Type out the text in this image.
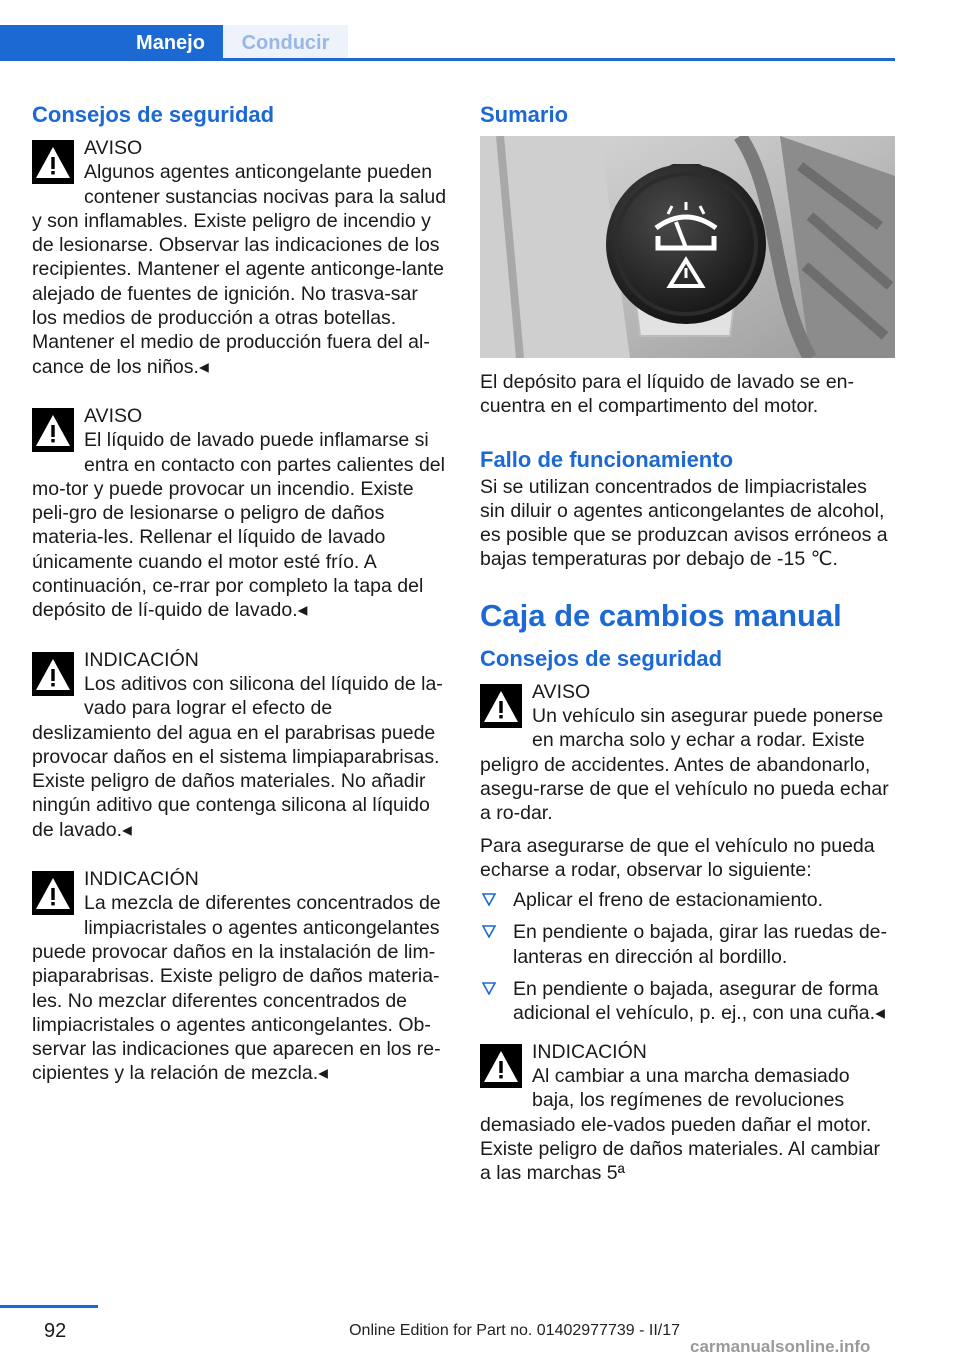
Manejo	Conducir
Consejos de seguridad
AVISO
Algunos agentes anticongelante pueden contener sustancias nocivas para la salud y son inflamables. Existe peligro de incendio y de lesionarse. Observar las indicaciones de los recipientes. Mantener el agente anticonge-lante alejado de fuentes de ignición. No trasva-sar los medios de producción a otras botellas. Mantener el medio de producción fuera del al-cance de los niños.◂
AVISO
El líquido de lavado puede inflamarse si entra en contacto con partes calientes del mo-tor y puede provocar un incendio. Existe peli-gro de lesionarse o peligro de daños materia-les. Rellenar el líquido de lavado únicamente cuando el motor esté frío. A continuación, ce-rrar por completo la tapa del depósito de lí-quido de lavado.◂
INDICACIÓN
Los aditivos con silicona del líquido de la-vado para lograr el efecto de deslizamiento del agua en el parabrisas puede provocar daños en el sistema limpiaparabrisas. Existe peligro de daños materiales. No añadir ningún aditivo que contenga silicona al líquido de lavado.◂
INDICACIÓN
La mezcla de diferentes concentrados de limpiacristales o agentes anticongelantes puede provocar daños en la instalación de lim-piaparabrisas. Existe peligro de daños materia-les. No mezclar diferentes concentrados de limpiacristales o agentes anticongelantes. Ob-servar las indicaciones que aparecen en los re-cipientes y la relación de mezcla.◂
Sumario

El depósito para el líquido de lavado se en-cuentra en el compartimento del motor.

Fallo de funcionamiento

Si se utilizan concentrados de limpiacristales sin diluir o agentes anticongelantes de alcohol, es posible que se produzcan avisos erróneos a bajas temperaturas por debajo de -15 ℃.

Caja de cambios manual
Consejos de seguridad
AVISO
Un vehículo sin asegurar puede ponerse en marcha solo y echar a rodar. Existe peligro de accidentes. Antes de abandonarlo, asegu-rarse de que el vehículo no pueda echar a ro-dar.

Para asegurarse de que el vehículo no pueda echarse a rodar, observar lo siguiente:

Aplicar el freno de estacionamiento.
En pendiente o bajada, girar las ruedas de-lanteras en dirección al bordillo.
En pendiente o bajada, asegurar de forma adicional el vehículo, p. ej., con una cuña.◂
INDICACIÓN
Al cambiar a una marcha demasiado baja, los regímenes de revoluciones demasiado ele-vados pueden dañar el motor. Existe peligro de daños materiales. Al cambiar a las marchas 5ª
92	Online Edition for Part no. 01402977739 - II/17
carmanualsonline.info
